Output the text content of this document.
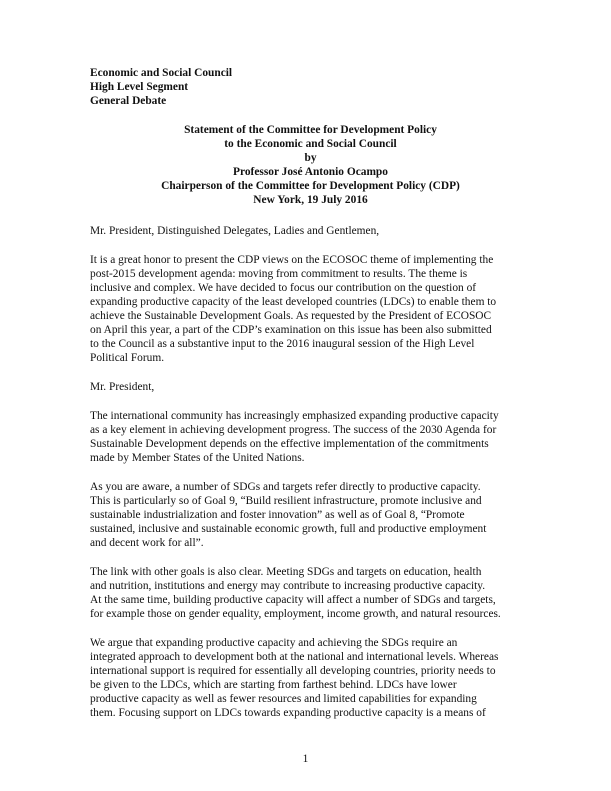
Economic and Social Council
High Level Segment
General Debate
Statement of the Committee for Development Policy
to the Economic and Social Council
by
Professor José Antonio Ocampo
Chairperson of the Committee for Development Policy (CDP)
New York, 19 July 2016

Mr. President, Distinguished Delegates, Ladies and Gentlemen,

It is a great honor to present the CDP views on the ECOSOC theme of implementing the
post-2015 development agenda: moving from commitment to results. The theme is
inclusive and complex. We have decided to focus our contribution on the question of
expanding productive capacity of the least developed countries (LDCs) to enable them to
achieve the Sustainable Development Goals. As requested by the President of ECOSOC
on April this year, a part of the CDP’s examination on this issue has been also submitted
to the Council as a substantive input to the 2016 inaugural session of the High Level
Political Forum.

Mr. President,

The international community has increasingly emphasized expanding productive capacity
as a key element in achieving development progress. The success of the 2030 Agenda for
Sustainable Development depends on the effective implementation of the commitments
made by Member States of the United Nations.
As you are aware, a number of SDGs and targets refer directly to productive capacity.
This is particularly so of Goal 9, “Build resilient infrastructure, promote inclusive and
sustainable industrialization and foster innovation” as well as of Goal 8, “Promote
sustained, inclusive and sustainable economic growth, full and productive employment
and decent work for all”.
The link with other goals is also clear. Meeting SDGs and targets on education, health
and nutrition, institutions and energy may contribute to increasing productive capacity.
At the same time, building productive capacity will affect a number of SDGs and targets,
for example those on gender equality, employment, income growth, and natural resources.
We argue that expanding productive capacity and achieving the SDGs require an
integrated approach to development both at the national and international levels. Whereas
international support is required for essentially all developing countries, priority needs to
be given to the LDCs, which are starting from farthest behind. LDCs have lower
productive capacity as well as fewer resources and limited capabilities for expanding
them. Focusing support on LDCs towards expanding productive capacity is a means of
1
